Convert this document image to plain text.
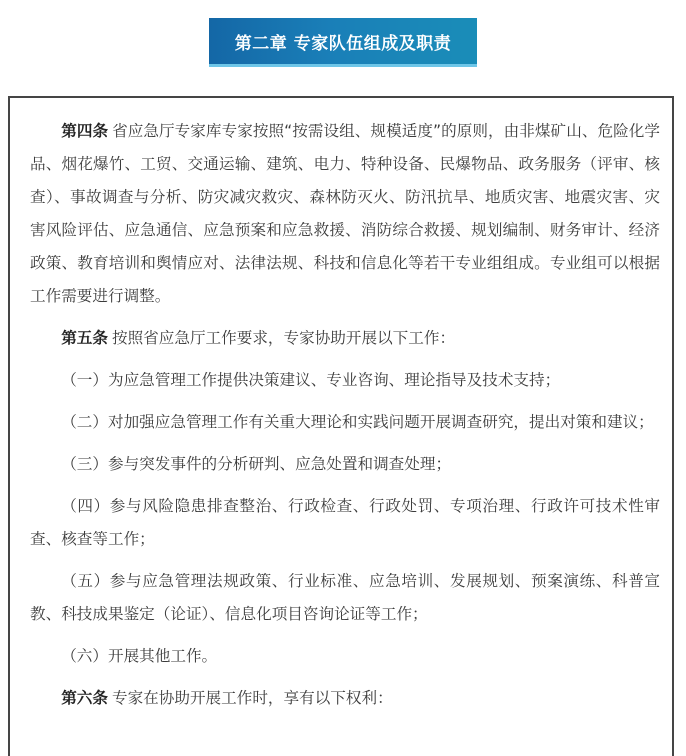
第二章 专家队伍组成及职责

第四条 省应急厅专家库专家按照“按需设组、规模适度”的原则，由非煤矿山、危险化学品、烟花爆竹、工贸、交通运输、建筑、电力、特种设备、民爆物品、政务服务（评审、核查）、事故调查与分析、防灾减灾救灾、森林防灭火、防汛抗旱、地质灾害、地震灾害、灾害风险评估、应急通信、应急预案和应急救援、消防综合救援、规划编制、财务审计、经济政策、教育培训和舆情应对、法律法规、科技和信息化等若干专业组组成。专业组可以根据工作需要进行调整。

第五条 按照省应急厅工作要求，专家协助开展以下工作：

（一）为应急管理工作提供决策建议、专业咨询、理论指导及技术支持；

（二）对加强应急管理工作有关重大理论和实践问题开展调查研究，提出对策和建议；

（三）参与突发事件的分析研判、应急处置和调查处理；

（四）参与风险隐患排查整治、行政检查、行政处罚、专项治理、行政许可技术性审查、核查等工作；

（五）参与应急管理法规政策、行业标准、应急培训、发展规划、预案演练、科普宣教、科技成果鉴定（论证）、信息化项目咨询论证等工作；

（六）开展其他工作。

第六条 专家在协助开展工作时，享有以下权利：
